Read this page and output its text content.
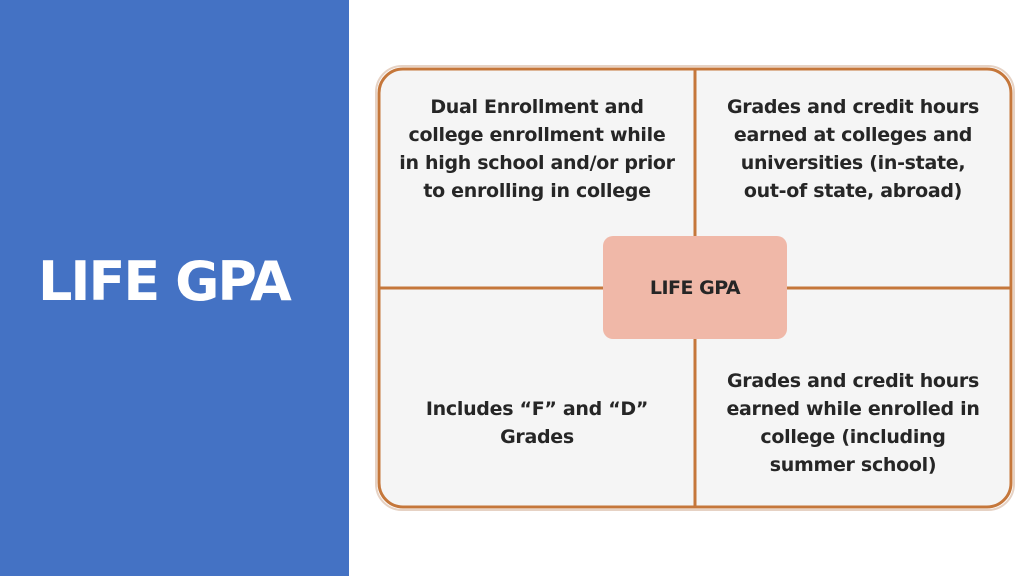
LIFE GPA
Dual Enrollment and
college enrollment while
in high school and/or prior
to enrolling in college
Grades and credit hours
earned at colleges and
universities (in-state,
out-of state, abroad)
Includes “F” and “D”
Grades
Grades and credit hours
earned while enrolled in
college (including
summer school)
LIFE GPA
